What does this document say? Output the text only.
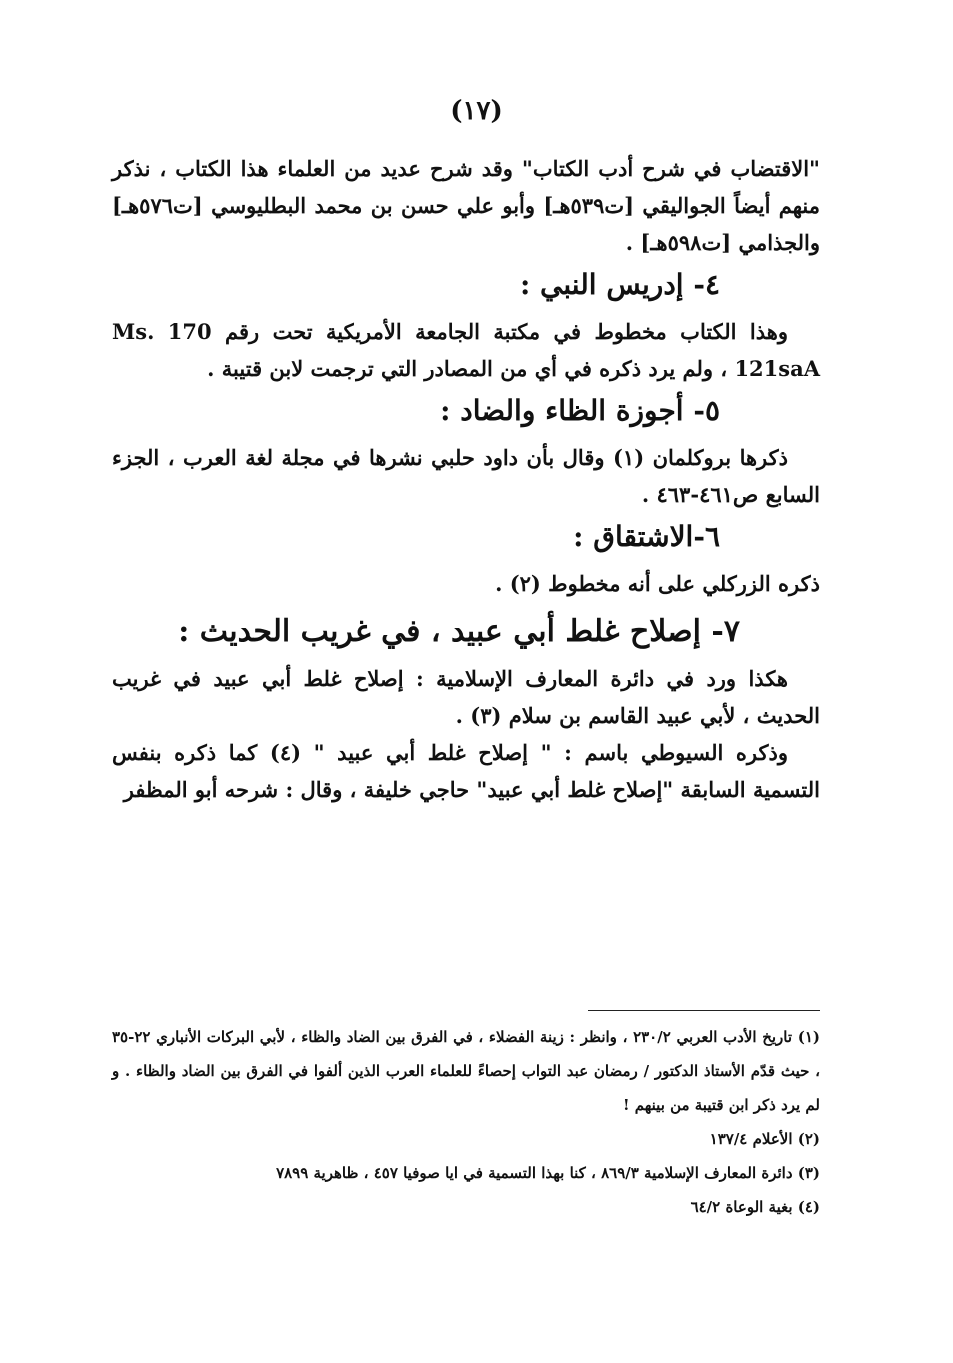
(١٧)

"الاقتضاب في شرح أدب الكتاب" وقد شرح عديد من العلماء هذا الكتاب ، نذكر منهم أيضاً الجواليقي [ت٥٣٩هـ] وأبو علي حسن بن محمد البطليوسي [ت٥٧٦هـ] والجذامي [ت٥٩٨هـ] .

٤- إدريس النبي :

وهذا الكتاب مخطوط في مكتبة الجامعة الأمريكية تحت رقم Ms. 170 121saA ، ولم يرد ذكره في أي من المصادر التي ترجمت لابن قتيبة .

٥- أجوزة الظاء والضاد :

ذكرها بروكلمان (١) وقال بأن داود حلبي نشرها في مجلة لغة العرب ، الجزء السابع ص٤٦١-٤٦٣ .

٦-الاشتقاق :

ذكره الزركلي على أنه مخطوط (٢) .

٧- إصلاح غلط أبي عبيد ، في غريب الحديث :

هكذا ورد في دائرة المعارف الإسلامية : إصلاح غلط أبي عبيد في غريب الحديث ، لأبي عبيد القاسم بن سلام (٣) .

وذكره السيوطي باسم : " إصلاح غلط أبي عبيد " (٤) كما ذكره بنفس التسمية السابقة "إصلاح غلط أبي عبيد" حاجي خليفة ، وقال : شرحه أبو المظفر

(١) تاريخ الأدب العربي ٢٣٠/٢ ، وانظر : زينة الفضلاء ، في الفرق بين الضاد والظاء ، لأبي البركات الأنباري ٢٢-٣٥ ، حيث قدّم الأستاذ الدكتور / رمضان عبد التواب إحصاءً للعلماء العرب الذين ألفوا في الفرق بين الضاد والظاء . و لم يرد ذكر ابن قتيبة من بينهم !

(٢) الأعلام ١٣٧/٤

(٣) دائرة المعارف الإسلامية ٨٦٩/٣ ، كنا بهذا التسمية في ايا صوفيا ٤٥٧ ، ظاهرية ٧٨٩٩

(٤) بغية الوعاة ٦٤/٢
